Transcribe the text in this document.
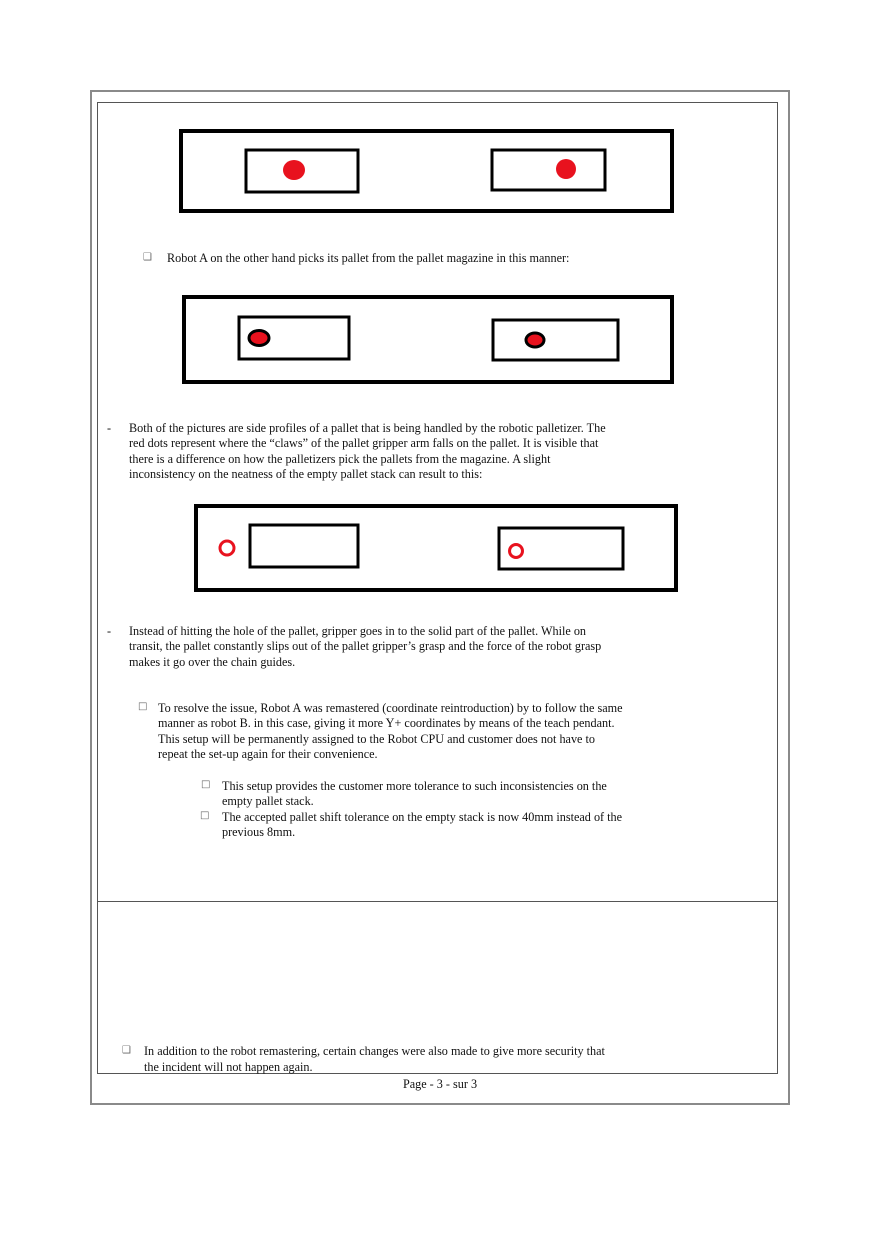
❑ Robot A on the other hand picks its pallet from the pallet magazine in this manner:
- Both of the pictures are side profiles of a pallet that is being handled by the robotic palletizer. The
red dots represent where the “claws” of the pallet gripper arm falls on the pallet. It is visible that
there is a difference on how the palletizers pick the pallets from the magazine. A slight
inconsistency on the neatness of the empty pallet stack can result to this:
- Instead of hitting the hole of the pallet, gripper goes in to the solid part of the pallet. While on
transit, the pallet constantly slips out of the pallet gripper’s grasp and the force of the robot grasp
makes it go over the chain guides.
□ To resolve the issue, Robot A was remastered (coordinate reintroduction) by to follow the same
manner as robot B. in this case, giving it more Y+ coordinates by means of the teach pendant.
This setup will be permanently assigned to the Robot CPU and customer does not have to
repeat the set-up again for their convenience.
□ This setup provides the customer more tolerance to such inconsistencies on the
empty pallet stack.
□ The accepted pallet shift tolerance on the empty stack is now 40mm instead of the
previous 8mm.
❑ In addition to the robot remastering, certain changes were also made to give more security that
the incident will not happen again.
Page - 3 - sur 3
